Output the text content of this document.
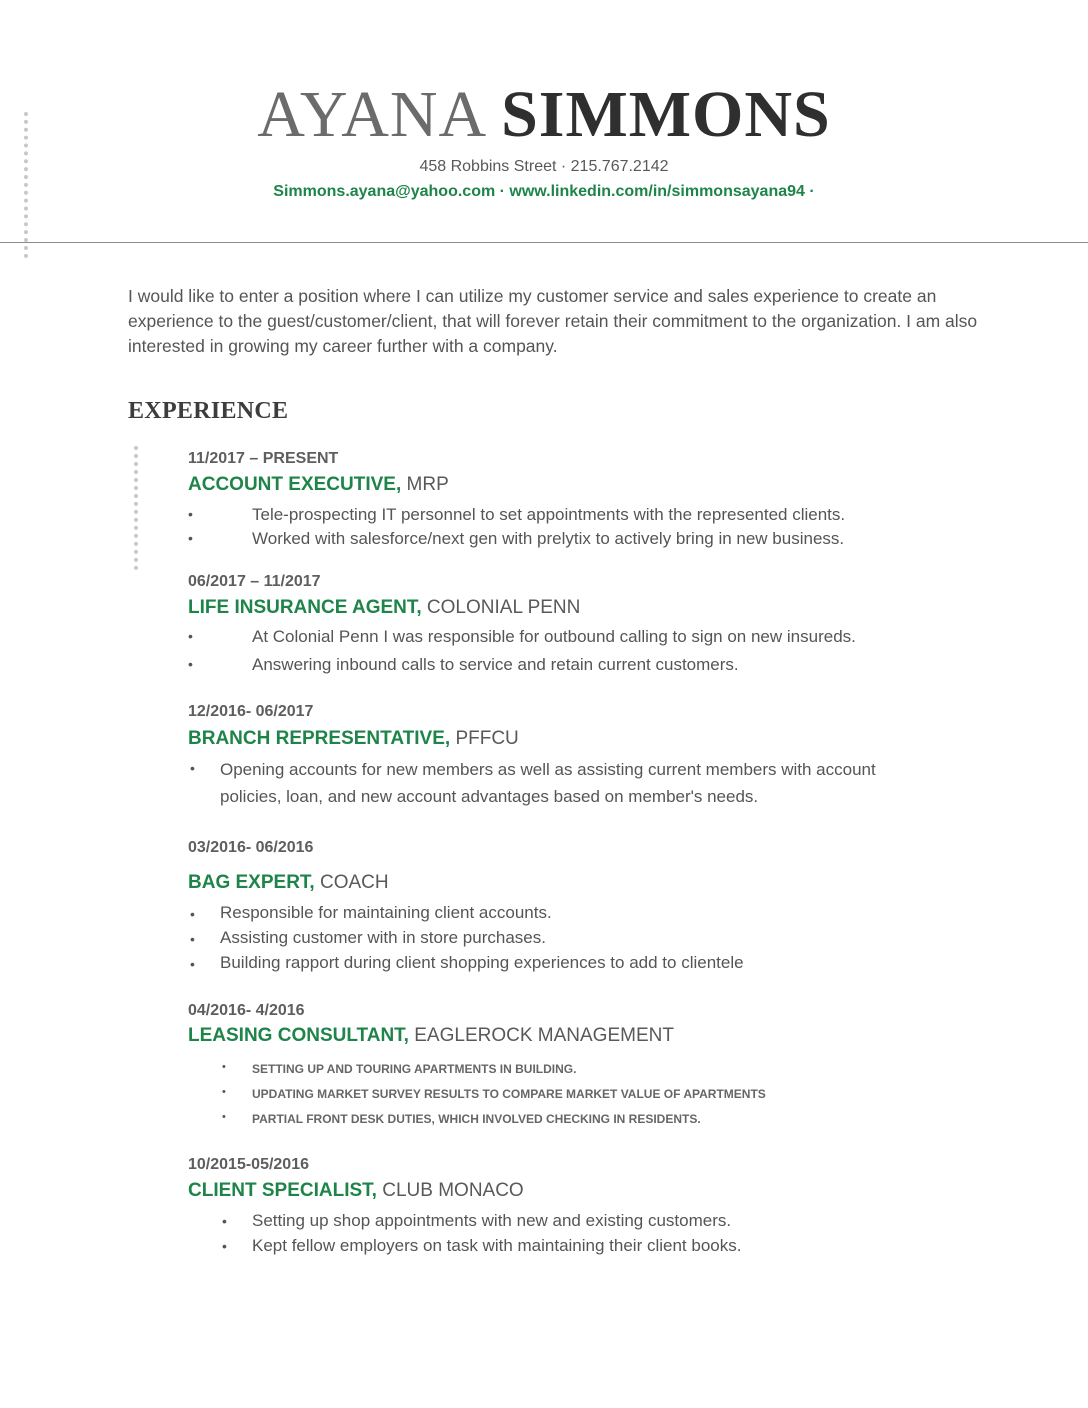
AYANA SIMMONS
458 Robbins Street · 215.767.2142
Simmons.ayana@yahoo.com · www.linkedin.com/in/simmonsayana94 ·
I would like to enter a position where I can utilize my customer service and sales experience to create an experience to the guest/customer/client, that will forever retain their commitment to the organization. I am also interested in growing my career further with a company.
EXPERIENCE
11/2017 – PRESENT
ACCOUNT EXECUTIVE, MRP
•	Tele-prospecting IT personnel to set appointments with the represented clients.
•	Worked with salesforce/next gen with prelytix to actively bring in new business.
06/2017 – 11/2017
LIFE INSURANCE AGENT, COLONIAL PENN
•	At Colonial Penn I was responsible for outbound calling to sign on new insureds.
•	Answering inbound calls to service and retain current customers.
12/2016- 06/2017
BRANCH REPRESENTATIVE, PFFCU
• Opening accounts for new members as well as assisting current members with account policies, loan, and new account advantages based on member's needs.
03/2016- 06/2016
BAG EXPERT, COACH
• Responsible for maintaining client accounts.
• Assisting customer with in store purchases.
• Building rapport during client shopping experiences to add to clientele
04/2016- 4/2016
LEASING CONSULTANT, EAGLEROCK MANAGEMENT
• SETTING UP AND TOURING APARTMENTS IN BUILDING.
• UPDATING MARKET SURVEY RESULTS TO COMPARE MARKET VALUE OF APARTMENTS
• PARTIAL FRONT DESK DUTIES, WHICH INVOLVED CHECKING IN RESIDENTS.
10/2015-05/2016
CLIENT SPECIALIST, CLUB MONACO
• Setting up shop appointments with new and existing customers.
• Kept fellow employers on task with maintaining their client books.
